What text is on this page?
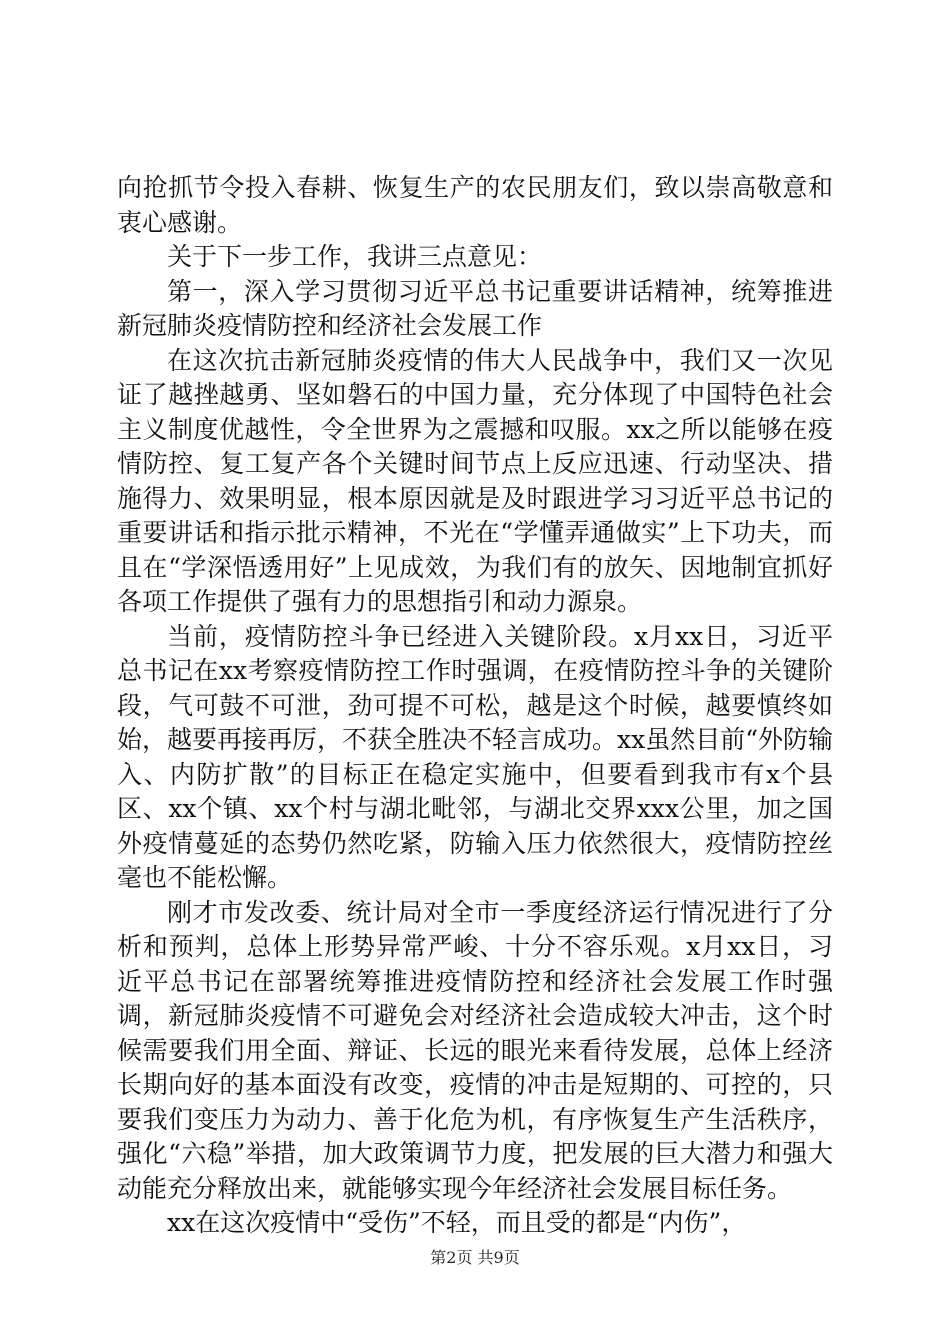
向抢抓节令投入春耕、恢复生产的农民朋友们，致以崇高敬意和衷心感谢。

关于下一步工作，我讲三点意见：

第一，深入学习贯彻习近平总书记重要讲话精神，统筹推进新冠肺炎疫情防控和经济社会发展工作

在这次抗击新冠肺炎疫情的伟大人民战争中，我们又一次见证了越挫越勇、坚如磐石的中国力量，充分体现了中国特色社会主义制度优越性，令全世界为之震撼和叹服。xx之所以能够在疫情防控、复工复产各个关键时间节点上反应迅速、行动坚决、措施得力、效果明显，根本原因就是及时跟进学习习近平总书记的重要讲话和指示批示精神，不光在“学懂弄通做实”上下功夫，而且在“学深悟透用好”上见成效，为我们有的放矢、因地制宜抓好各项工作提供了强有力的思想指引和动力源泉。

当前，疫情防控斗争已经进入关键阶段。x月xx日，习近平总书记在xx考察疫情防控工作时强调，在疫情防控斗争的关键阶段，气可鼓不可泄，劲可提不可松，越是这个时候，越要慎终如始，越要再接再厉，不获全胜决不轻言成功。xx虽然目前“外防输入、内防扩散”的目标正在稳定实施中，但要看到我市有x个县区、xx个镇、xx个村与湖北毗邻，与湖北交界xxx公里，加之国外疫情蔓延的态势仍然吃紧，防输入压力依然很大，疫情防控丝毫也不能松懈。

刚才市发改委、统计局对全市一季度经济运行情况进行了分析和预判，总体上形势异常严峻、十分不容乐观。x月xx日，习近平总书记在部署统筹推进疫情防控和经济社会发展工作时强调，新冠肺炎疫情不可避免会对经济社会造成较大冲击，这个时候需要我们用全面、辩证、长远的眼光来看待发展，总体上经济长期向好的基本面没有改变，疫情的冲击是短期的、可控的，只要我们变压力为动力、善于化危为机，有序恢复生产生活秩序，强化“六稳”举措，加大政策调节力度，把发展的巨大潜力和强大动能充分释放出来，就能够实现今年经济社会发展目标任务。

xx在这次疫情中“受伤”不轻，而且受的都是“内伤”，

第2页 共9页
